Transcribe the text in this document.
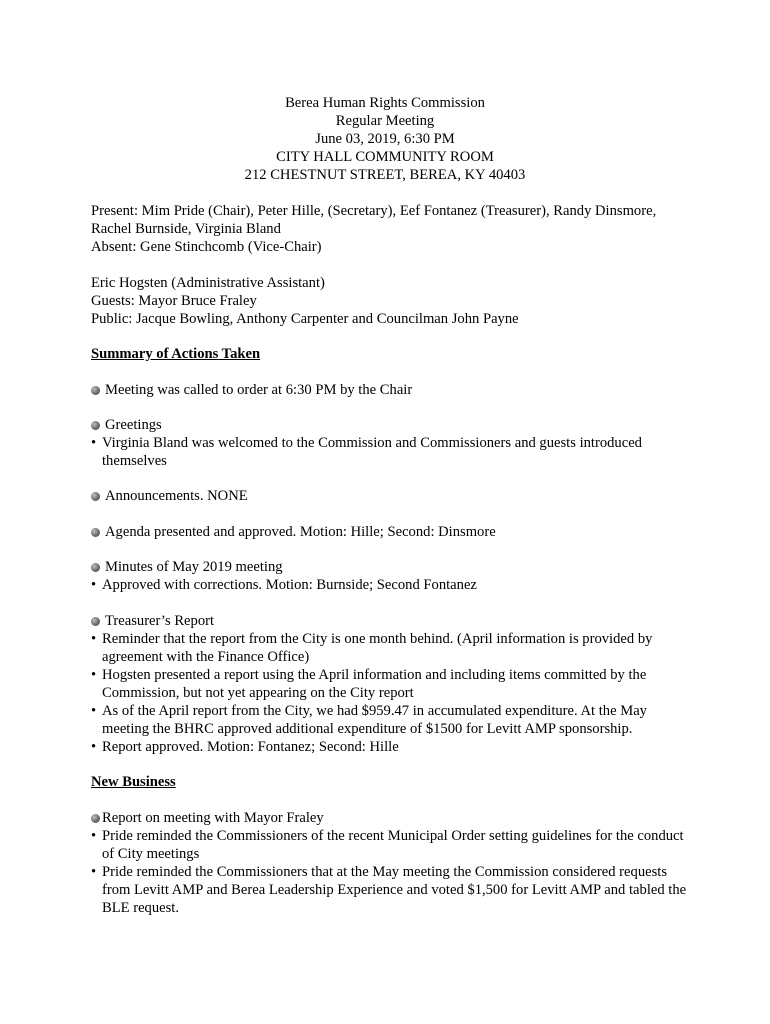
Berea Human Rights Commission
Regular Meeting
June 03, 2019, 6:30 PM
CITY HALL COMMUNITY ROOM
212 CHESTNUT STREET, BEREA, KY 40403
Present: Mim Pride (Chair), Peter Hille, (Secretary), Eef Fontanez (Treasurer), Randy Dinsmore,
Rachel Burnside, Virginia Bland
Absent: Gene Stinchcomb (Vice-Chair)
Eric Hogsten (Administrative Assistant)
Guests: Mayor Bruce Fraley
Public: Jacque Bowling, Anthony Carpenter and Councilman John Payne
Summary of Actions Taken
Meeting was called to order at 6:30 PM by the Chair
Greetings
• Virginia Bland was welcomed to the Commission and Commissioners and guests introduced themselves
Announcements. NONE
Agenda presented and approved. Motion: Hille; Second: Dinsmore
Minutes of May 2019 meeting
• Approved with corrections. Motion: Burnside; Second Fontanez
Treasurer’s Report
• Reminder that the report from the City is one month behind. (April information is provided by agreement with the Finance Office)
• Hogsten presented a report using the April information and including items committed by the Commission, but not yet appearing on the City report
• As of the April report from the City, we had $959.47 in accumulated expenditure. At the May meeting the BHRC approved additional expenditure of $1500 for Levitt AMP sponsorship.
• Report approved. Motion: Fontanez; Second: Hille
New Business
Report on meeting with Mayor Fraley
• Pride reminded the Commissioners of the recent Municipal Order setting guidelines for the conduct of City meetings
• Pride reminded the Commissioners that at the May meeting the Commission considered requests from Levitt AMP and Berea Leadership Experience and voted $1,500 for Levitt AMP and tabled the BLE request.
